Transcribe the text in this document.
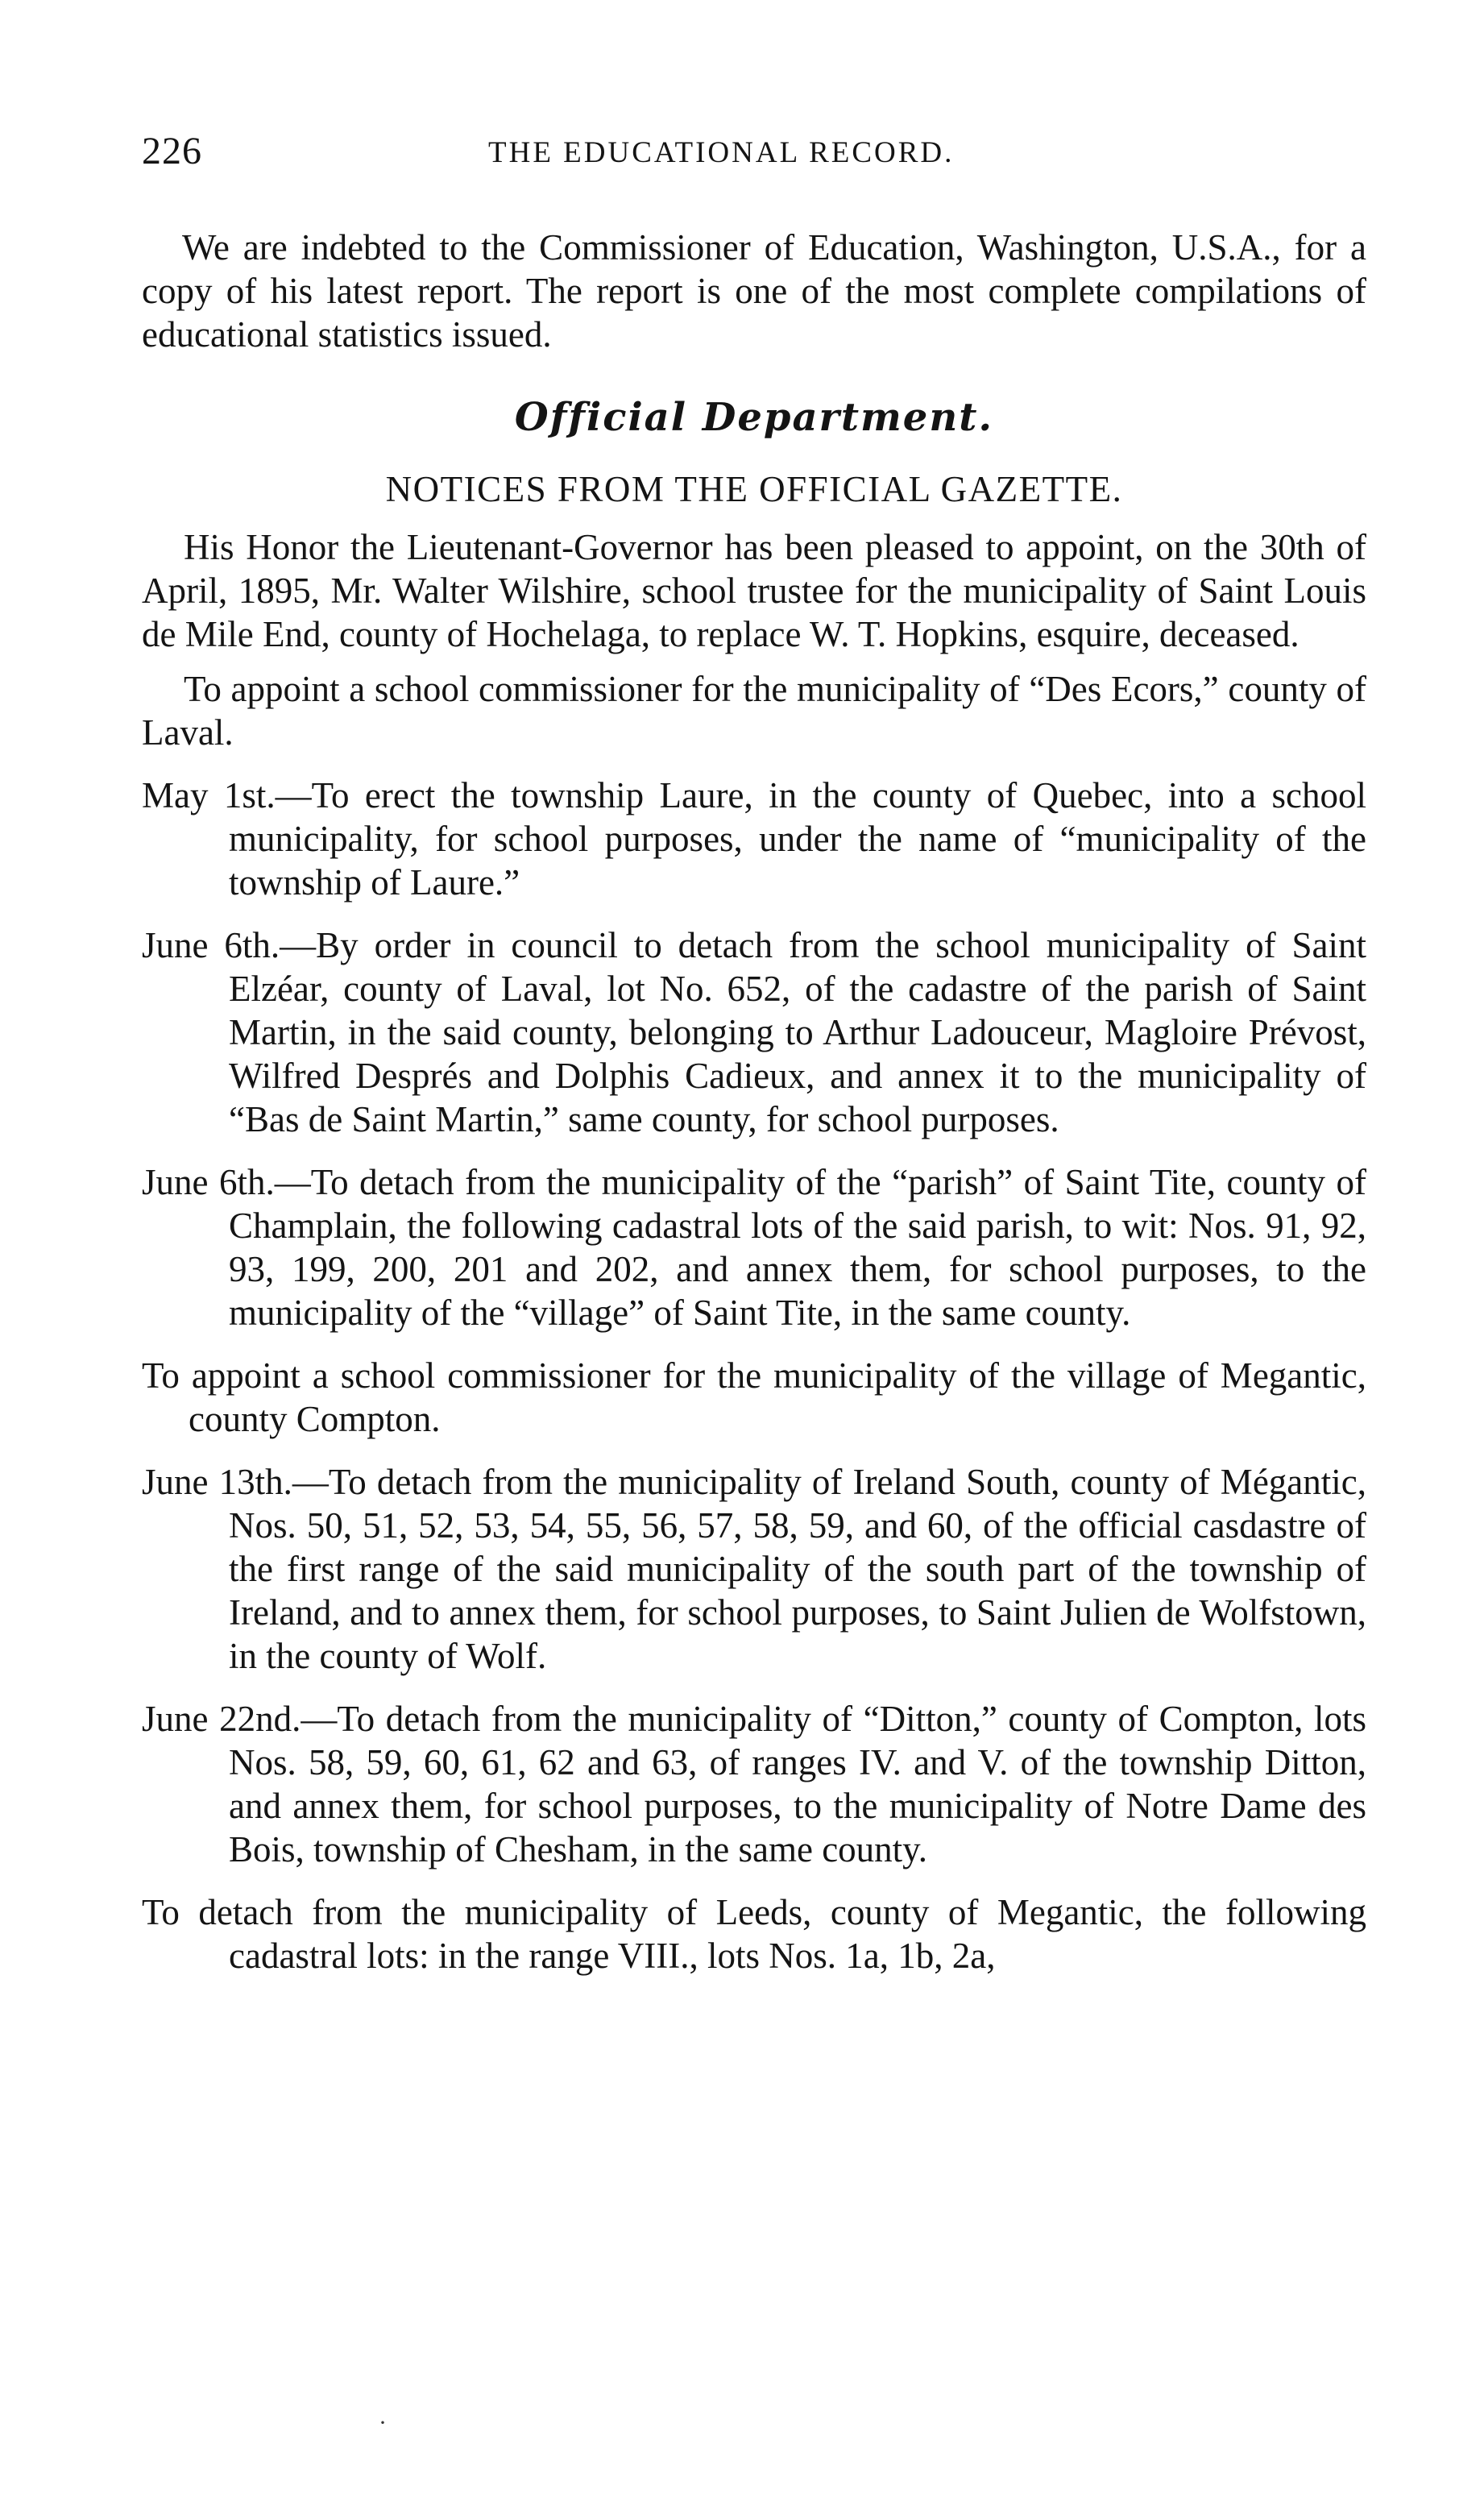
226	THE EDUCATIONAL RECORD.

We are indebted to the Commissioner of Education, Washington, U.S.A., for a copy of his latest report. The report is one of the most complete compilations of educational statistics issued.

Official Department.
NOTICES FROM THE OFFICIAL GAZETTE.

His Honor the Lieutenant-Governor has been pleased to appoint, on the 30th of April, 1895, Mr. Walter Wilshire, school trustee for the municipality of Saint Louis de Mile End, county of Hochelaga, to replace W. T. Hopkins, esquire, deceased.

To appoint a school commissioner for the municipality of “Des Ecors,” county of Laval.

May 1st.—To erect the township Laure, in the county of Quebec, into a school municipality, for school purposes, under the name of “municipality of the township of Laure.”

June 6th.—By order in council to detach from the school municipality of Saint Elzéar, county of Laval, lot No. 652, of the cadastre of the parish of Saint Martin, in the said county, belonging to Arthur Ladouceur, Magloire Prévost, Wilfred Després and Dolphis Cadieux, and annex it to the municipality of “Bas de Saint Martin,” same county, for school purposes.

June 6th.—To detach from the municipality of the “parish” of Saint Tite, county of Champlain, the following cadastral lots of the said parish, to wit: Nos. 91, 92, 93, 199, 200, 201 and 202, and annex them, for school purposes, to the municipality of the “village” of Saint Tite, in the same county.

To appoint a school commissioner for the municipality of the village of Megantic, county Compton.

June 13th.—To detach from the municipality of Ireland South, county of Mégantic, Nos. 50, 51, 52, 53, 54, 55, 56, 57, 58, 59, and 60, of the official casdastre of the first range of the said municipality of the south part of the township of Ireland, and to annex them, for school purposes, to Saint Julien de Wolfstown, in the county of Wolf.

June 22nd.—To detach from the municipality of “Ditton,” county of Compton, lots Nos. 58, 59, 60, 61, 62 and 63, of ranges IV. and V. of the township Ditton, and annex them, for school purposes, to the municipality of Notre Dame des Bois, township of Chesham, in the same county.

To detach from the municipality of Leeds, county of Megantic, the following cadastral lots: in the range VIII., lots Nos. 1a, 1b, 2a,

·
